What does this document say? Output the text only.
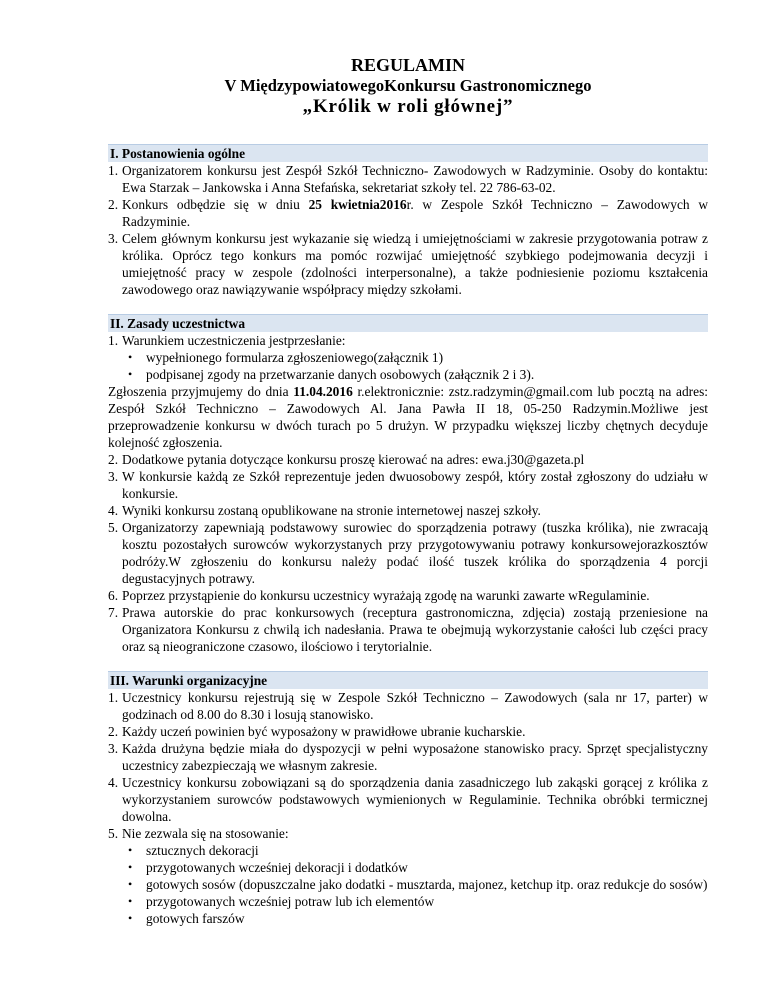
REGULAMIN
V MiędzypowiatowegoKonkursu Gastronomicznego
„Królik w roli głównej”
I. Postanowienia ogólne
1. Organizatorem konkursu jest Zespół Szkół Techniczno- Zawodowych w Radzyminie. Osoby do kontaktu: Ewa Starzak – Jankowska i Anna Stefańska, sekretariat szkoły tel. 22 786-63-02.
2. Konkurs odbędzie się w dniu 25 kwietnia2016r. w Zespole Szkół Techniczno – Zawodowych w Radzyminie.
3. Celem głównym konkursu jest wykazanie się wiedzą i umiejętnościami w zakresie przygotowania potraw z królika. Oprócz tego konkurs ma pomóc rozwijać umiejętność szybkiego podejmowania decyzji i umiejętność pracy w zespole (zdolności interpersonalne), a także podniesienie poziomu kształcenia zawodowego oraz nawiązywanie współpracy między szkołami.
II. Zasady uczestnictwa
1. Warunkiem uczestniczenia jestprzesłanie:
•	wypełnionego formularza zgłoszeniowego(załącznik 1)
•	podpisanej zgody na przetwarzanie danych osobowych (załącznik 2 i 3).
Zgłoszenia przyjmujemy do dnia 11.04.2016 r.elektronicznie: zstz.radzymin@gmail.com lub pocztą na adres: Zespół Szkół Techniczno – Zawodowych Al. Jana Pawła II 18, 05-250 Radzymin.Możliwe jest przeprowadzenie konkursu w dwóch turach po 5 drużyn. W przypadku większej liczby chętnych decyduje kolejność zgłoszenia.
2. Dodatkowe pytania dotyczące konkursu proszę kierować na adres: ewa.j30@gazeta.pl
3. W konkursie każdą ze Szkół reprezentuje jeden dwuosobowy zespół, który został zgłoszony do udziału w konkursie.
4. Wyniki konkursu zostaną opublikowane na stronie internetowej naszej szkoły.
5. Organizatorzy zapewniają podstawowy surowiec do sporządzenia potrawy (tuszka królika), nie zwracają kosztu pozostałych surowców wykorzystanych przy przygotowywaniu potrawy konkursowejorazkosztów podróży.W zgłoszeniu do konkursu należy podać ilość tuszek królika do sporządzenia 4 porcji degustacyjnych potrawy.
6. Poprzez przystąpienie do konkursu uczestnicy wyrażają zgodę na warunki zawarte wRegulaminie.
7. Prawa autorskie do prac konkursowych (receptura gastronomiczna, zdjęcia) zostają przeniesione na Organizatora Konkursu z chwilą ich nadesłania. Prawa te obejmują wykorzystanie całości lub części pracy oraz są nieograniczone czasowo, ilościowo i terytorialnie.
III. Warunki organizacyjne
1. Uczestnicy konkursu rejestrują się w Zespole Szkół Techniczno – Zawodowych (sala nr 17, parter) w godzinach od 8.00 do 8.30 i losują stanowisko.
2. Każdy uczeń powinien być wyposażony w prawidłowe ubranie kucharskie.
3. Każda drużyna będzie miała do dyspozycji w pełni wyposażone stanowisko pracy. Sprzęt specjalistyczny uczestnicy zabezpieczają we własnym zakresie.
4. Uczestnicy konkursu zobowiązani są do sporządzenia dania zasadniczego lub zakąski gorącej z królika z wykorzystaniem surowców podstawowych wymienionych w Regulaminie. Technika obróbki termicznej dowolna.
5. Nie zezwala się na stosowanie:
•	sztucznych dekoracji
•	przygotowanych wcześniej dekoracji i dodatków
•	gotowych sosów (dopuszczalne jako dodatki - musztarda, majonez, ketchup itp. oraz redukcje do sosów)
•	przygotowanych wcześniej potraw lub ich elementów
•	gotowych farszów
